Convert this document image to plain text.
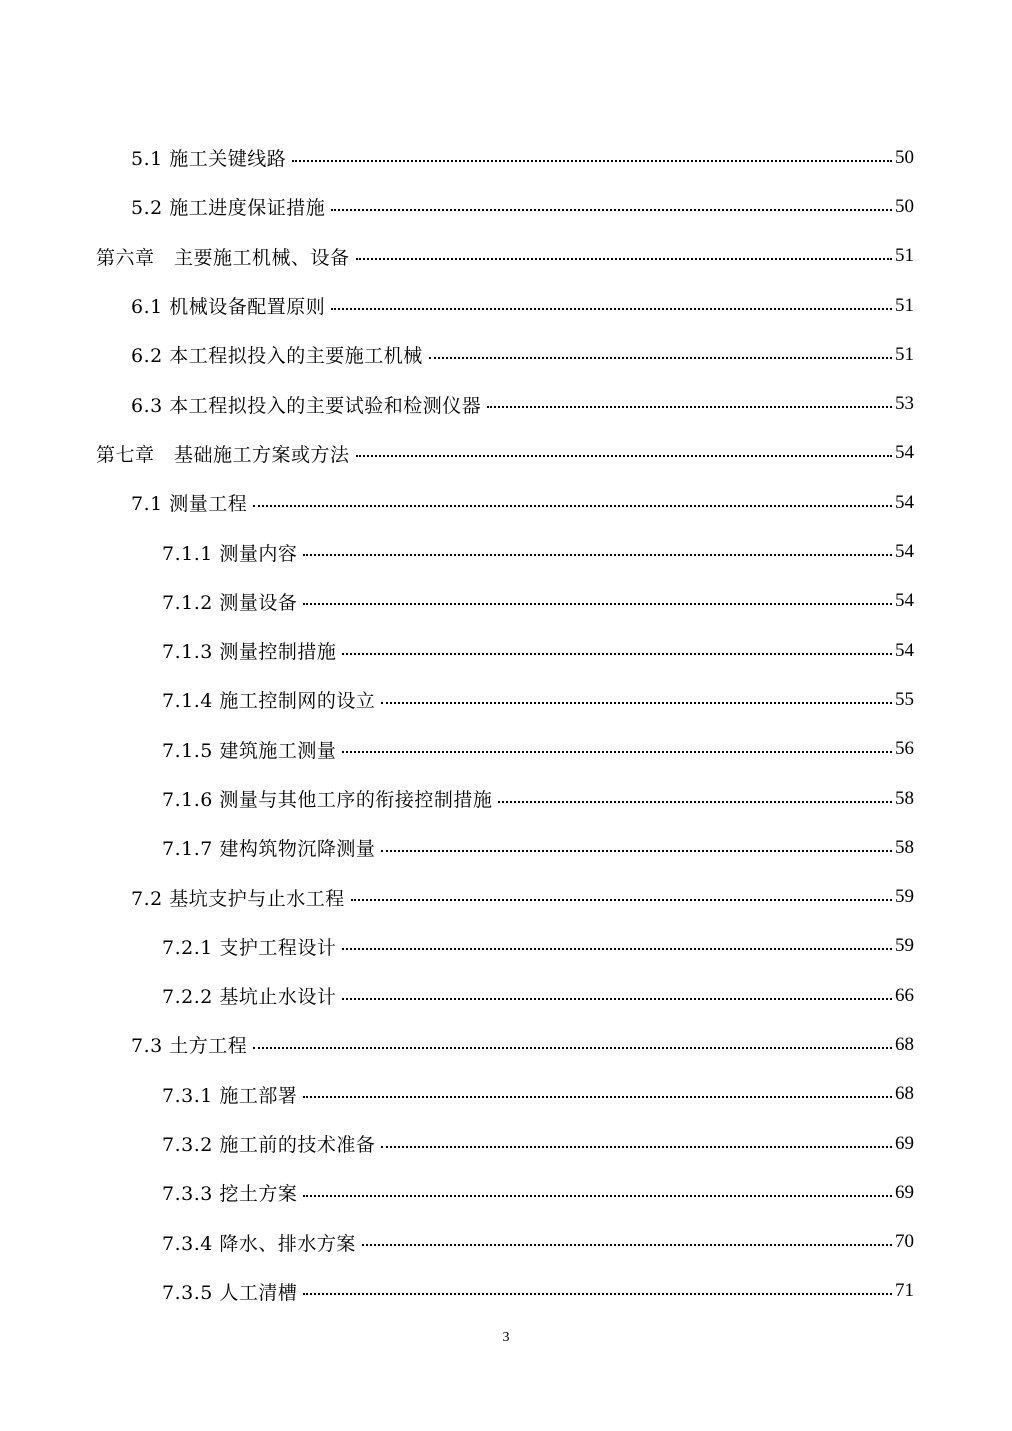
5.1 施工关键线路	50
5.2 施工进度保证措施	50
第六章　主要施工机械、设备	51
6.1 机械设备配置原则	51
6.2 本工程拟投入的主要施工机械	51
6.3 本工程拟投入的主要试验和检测仪器	53
第七章　基础施工方案或方法	54
7.1 测量工程	54
7.1.1 测量内容	54
7.1.2 测量设备	54
7.1.3 测量控制措施	54
7.1.4 施工控制网的设立	55
7.1.5 建筑施工测量	56
7.1.6 测量与其他工序的衔接控制措施	58
7.1.7 建构筑物沉降测量	58
7.2 基坑支护与止水工程	59
7.2.1 支护工程设计	59
7.2.2 基坑止水设计	66
7.3 土方工程	68
7.3.1 施工部署	68
7.3.2 施工前的技术准备	69
7.3.3 挖土方案	69
7.3.4 降水、排水方案	70
7.3.5 人工清槽	71
3
